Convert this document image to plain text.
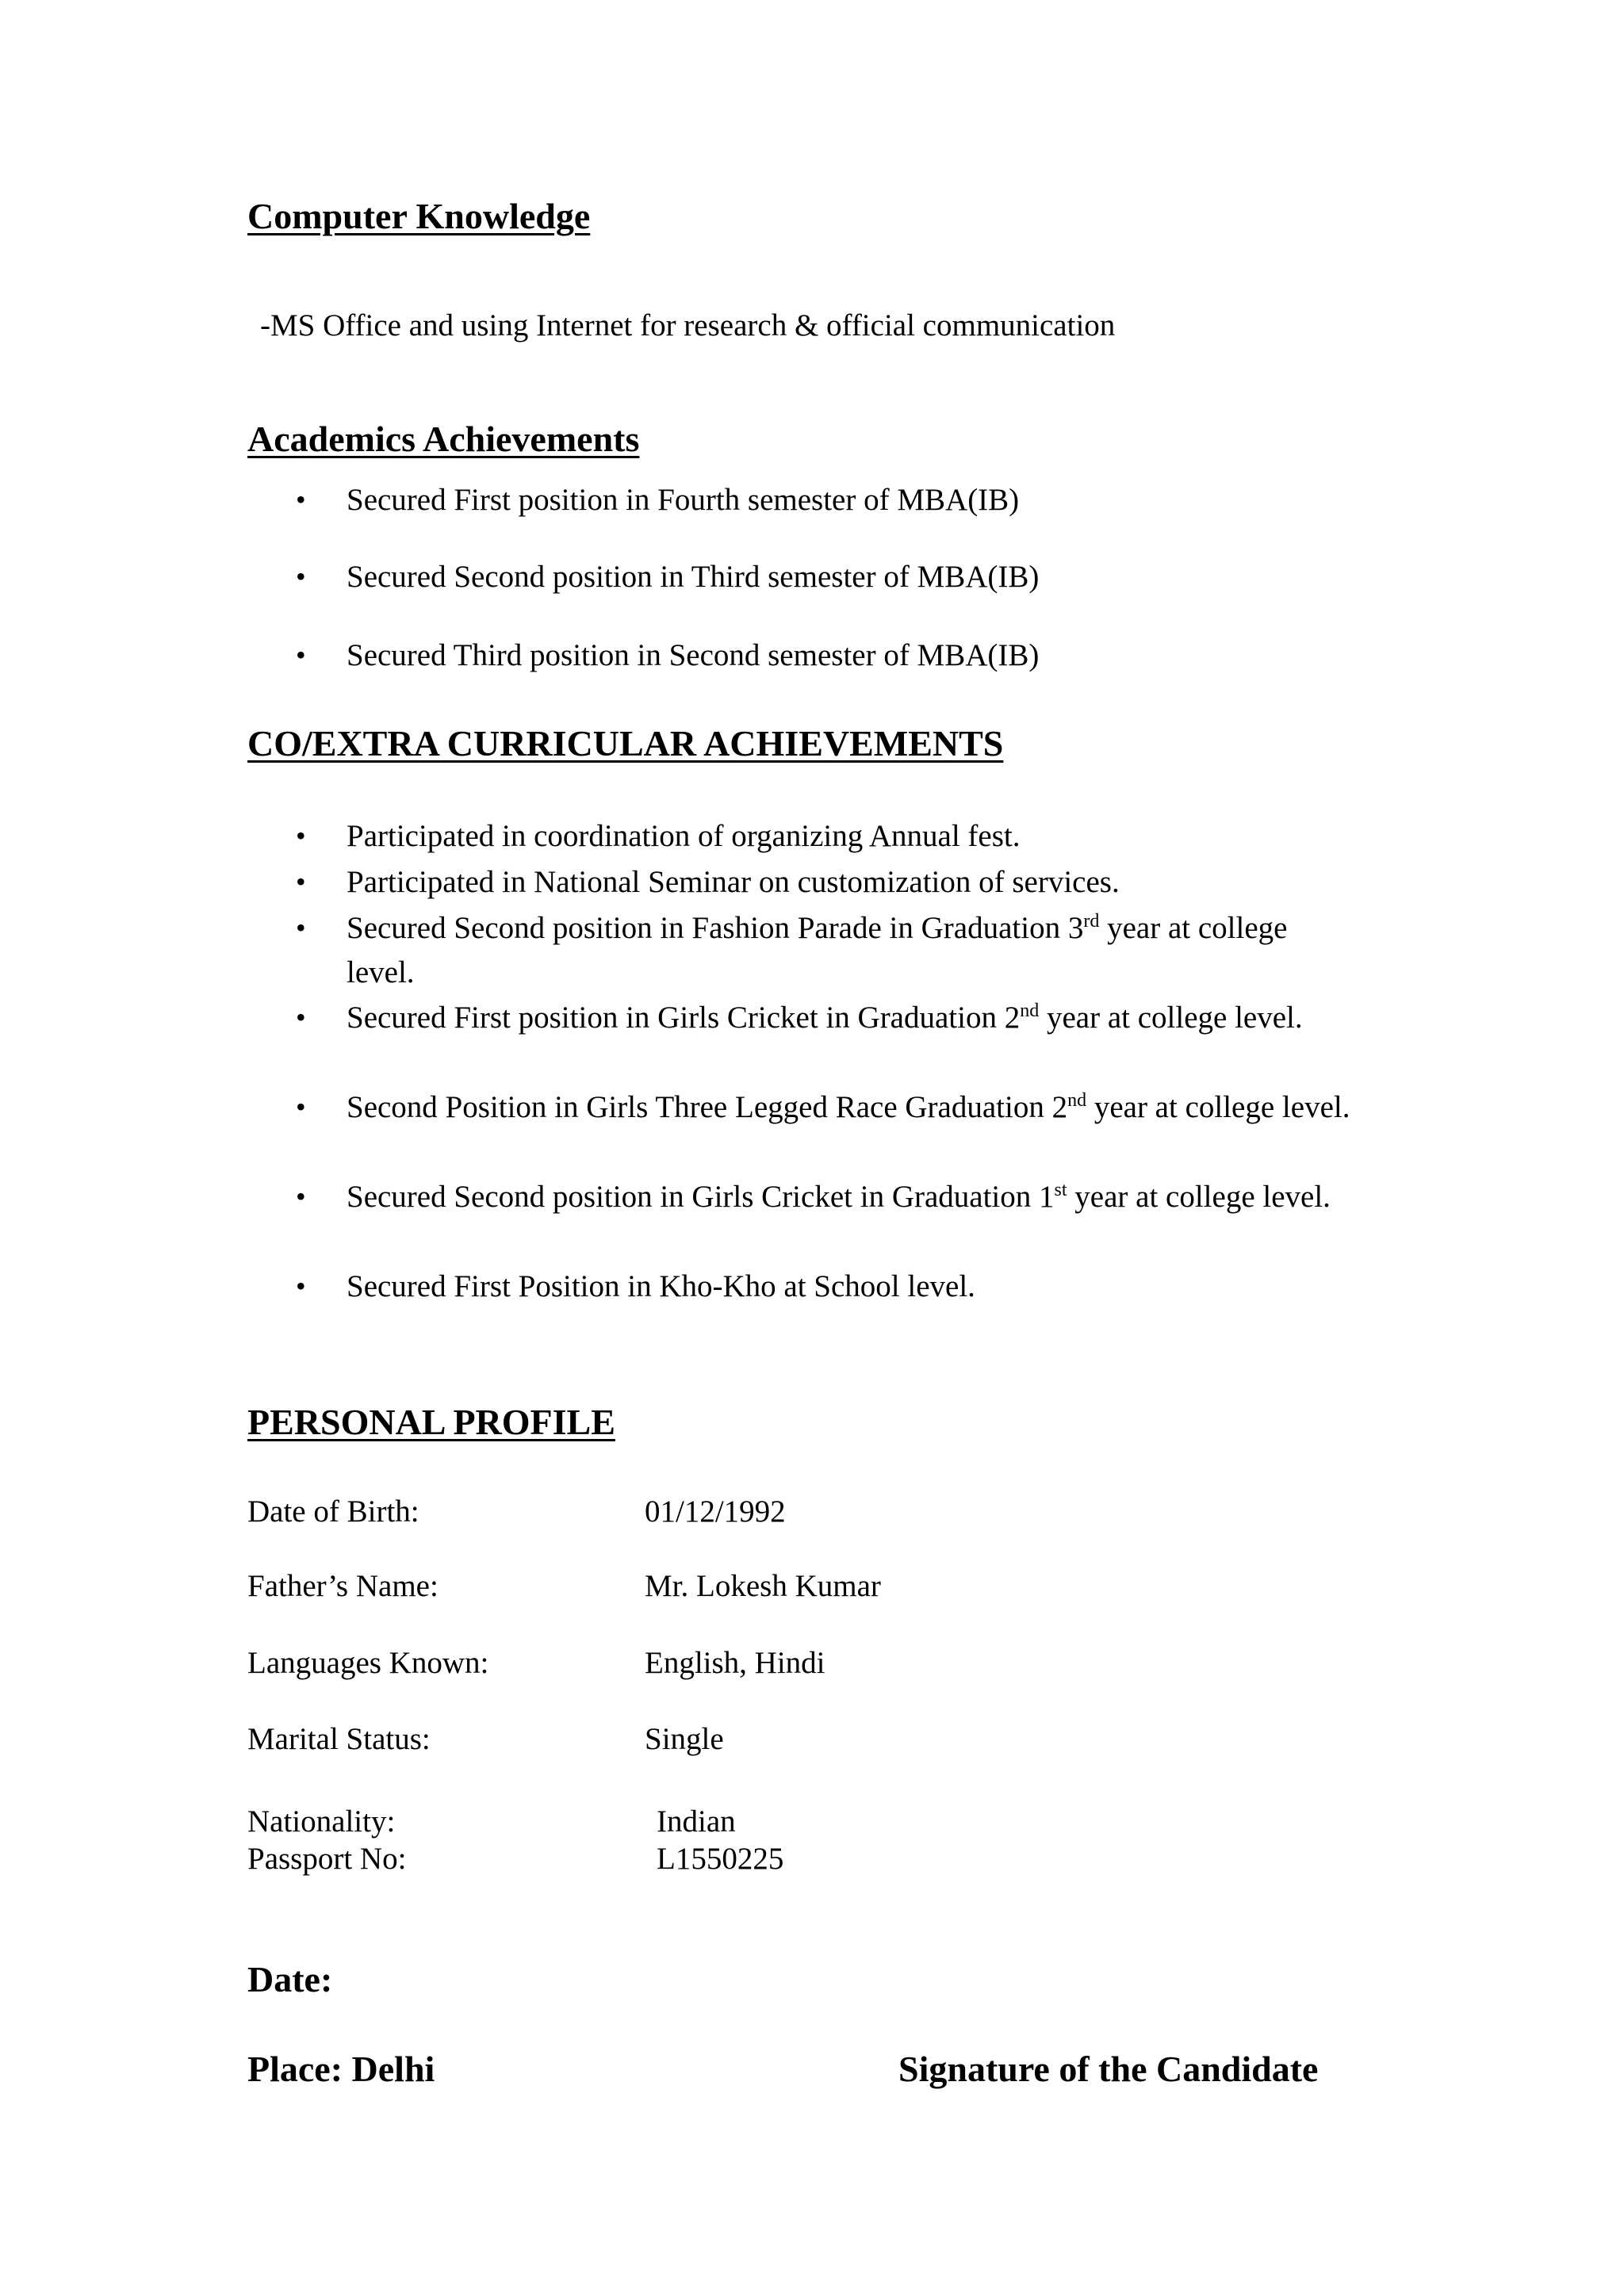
Computer Knowledge
-MS Office and using Internet for research & official communication
Academics Achievements
• Secured First position in Fourth semester of MBA(IB)
• Secured Second position in Third semester of MBA(IB)
• Secured Third position in Second semester of MBA(IB)
CO/EXTRA CURRICULAR ACHIEVEMENTS
• Participated in coordination of organizing Annual fest.
• Participated in National Seminar on customization of services.
• Secured Second position in Fashion Parade in Graduation 3rd year at college level.
• Secured First position in Girls Cricket in Graduation 2nd year at college level.
• Second Position in Girls Three Legged Race Graduation 2nd year at college level.
• Secured Second position in Girls Cricket in Graduation 1st year at college level.
• Secured First Position in Kho-Kho at School level.
PERSONAL PROFILE
Date of Birth:	01/12/1992
Father’s Name:	Mr. Lokesh Kumar
Languages Known:	English, Hindi
Marital Status:	Single
Nationality:	Indian
Passport No:	L1550225
Date:
Place: Delhi	Signature of the Candidate
